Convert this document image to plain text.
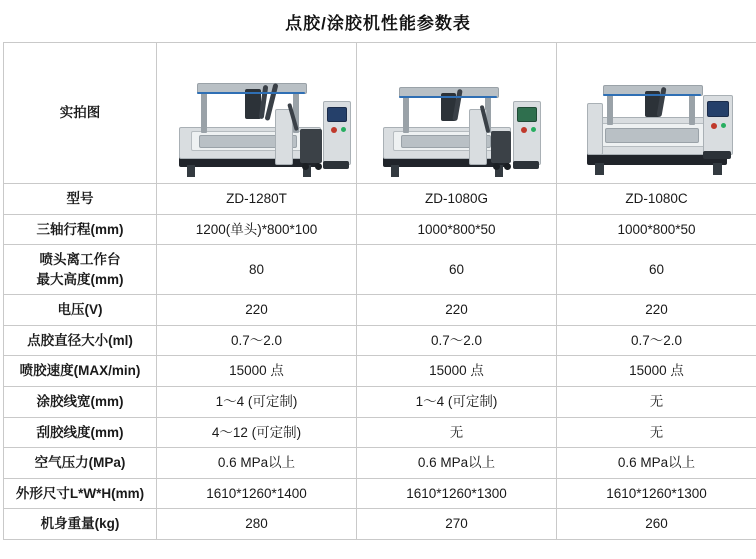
点胶/涂胶机性能参数表
实拍图	

型号	ZD-1280T	ZD-1080G	ZD-1080C
三轴行程(mm)	1200(单头)*800*100	1000*800*50	1000*800*50

喷头离工作台
最大高度(mm)	80	60	60
电压(V)	220	220	220
点胶直径大小(ml)	0.7～2.0	0.7～2.0	0.7～2.0
喷胶速度(MAX/min)	15000 点	15000 点	15000 点
涂胶线宽(mm)	1～4 (可定制)	1～4 (可定制)	无
刮胶线度(mm)	4～12 (可定制)	无	无
空气压力(MPa)	0.6 MPa以上	0.6 MPa以上	0.6 MPa以上
外形尺寸L*W*H(mm)	1610*1260*1400	1610*1260*1300	1610*1260*1300
机身重量(kg)	280	270	260
